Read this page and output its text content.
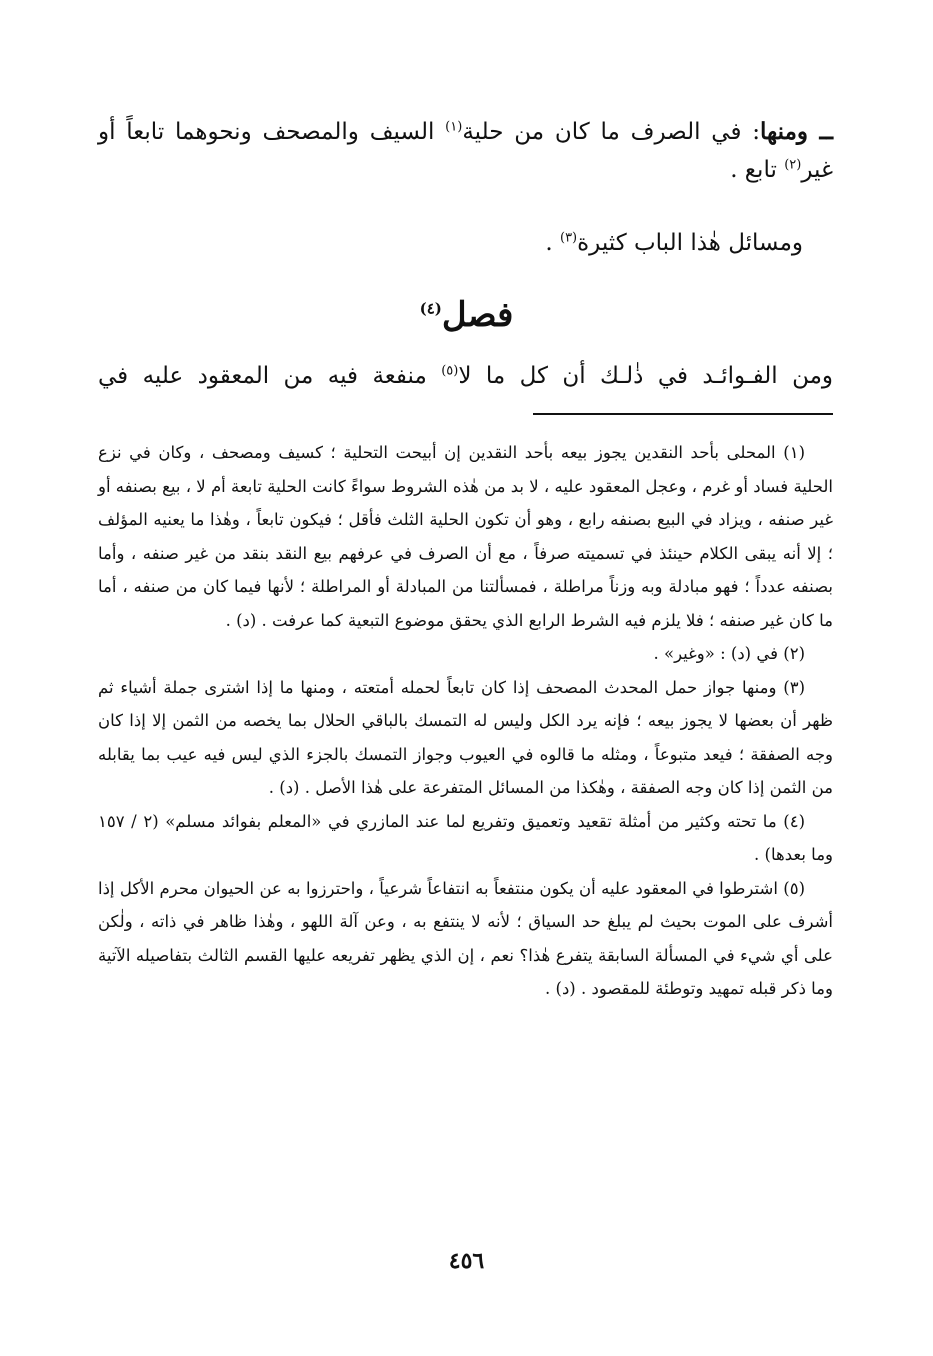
ــ ومنها: في الصرف ما كان من حلية$^{(١)}$ السيف والمصحف ونحوهما تابعاً أو غير$^{(٢)}$ تابع .

ومسائل هٰذا الباب كثيرة$^{(٣)}$ .

فصل$^{(٤)}$

ومن الفـوائـد في ذٰلـك أن كل ما لا$^{(٥)}$ منفعة فيه من المعقود عليه في

(١) المحلى بأحد النقدين يجوز بيعه بأحد النقدين إن أبيحت التحلية ؛ كسيف ومصحف ، وكان في نزع الحلية فساد أو غرم ، وعجل المعقود عليه ، لا بد من هٰذه الشروط سواءً كانت الحلية تابعة أم لا ، بيع بصنفه أو غير صنفه ، ويزاد في البيع بصنفه رابع ، وهو أن تكون الحلية الثلث فأقل ؛ فيكون تابعاً ، وهٰذا ما يعنيه المؤلف ؛ إلا أنه يبقى الكلام حينئذ في تسميته صرفاً ، مع أن الصرف في عرفهم بيع النقد بنقد من غير صنفه ، وأما بصنفه عدداً ؛ فهو مبادلة وبه وزناً مراطلة ، فمسألتنا من المبادلة أو المراطلة ؛ لأنها فيما كان من صنفه ، أما ما كان غير صنفه ؛ فلا يلزم فيه الشرط الرابع الذي يحقق موضوع التبعية كما عرفت . (د) .

(٢) في (د) : «وغير» .

(٣) ومنها جواز حمل المحدث المصحف إذا كان تابعاً لحمله أمتعته ، ومنها ما إذا اشترى جملة أشياء ثم ظهر أن بعضها لا يجوز بيعه ؛ فإنه يرد الكل وليس له التمسك بالباقي الحلال بما يخصه من الثمن إلا إذا كان وجه الصفقة ؛ فيعد متبوعاً ، ومثله ما قالوه في العيوب وجواز التمسك بالجزء الذي ليس فيه عيب بما يقابله من الثمن إذا كان وجه الصفقة ، وهٰكذا من المسائل المتفرعة على هٰذا الأصل . (د) .

(٤) ما تحته وكثير من أمثلة تقعيد وتعميق وتفريع لما عند المازري في «المعلم بفوائد مسلم» (٢ / ١٥٧ وما بعدها) .

(٥) اشترطوا في المعقود عليه أن يكون منتفعاً به انتفاعاً شرعياً ، واحترزوا به عن الحيوان محرم الأكل إذا أشرف على الموت بحيث لم يبلغ حد السياق ؛ لأنه لا ينتفع به ، وعن آلة اللهو ، وهٰذا ظاهر في ذاته ، ولٰكن على أي شيء في المسألة السابقة يتفرع هٰذا؟ نعم ، إن الذي يظهر تفريعه عليها القسم الثالث بتفاصيله الآتية وما ذكر قبله تمهيد وتوطئة للمقصود . (د) .

٤٥٦
